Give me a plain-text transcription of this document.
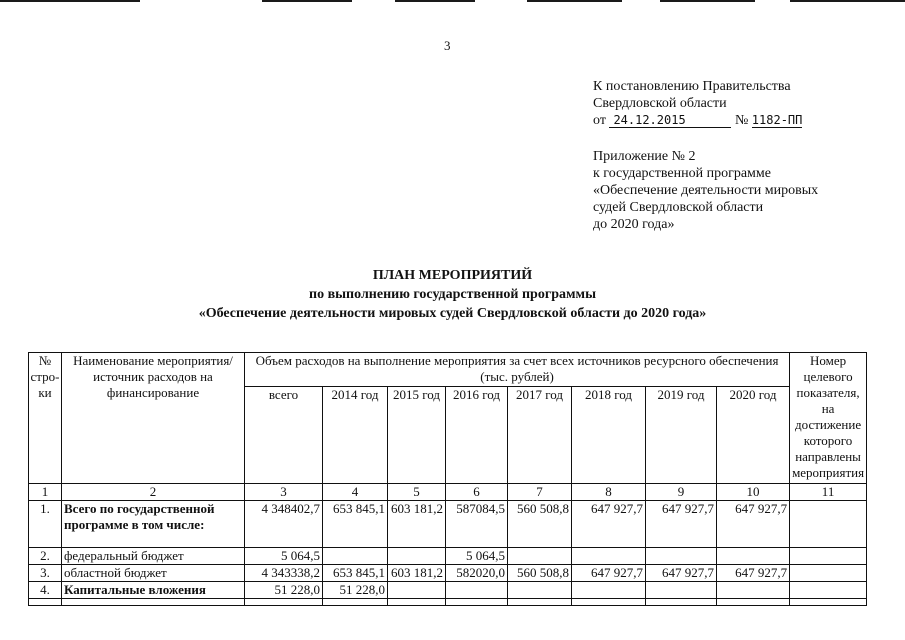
3
К постановлению Правительства
Свердловской области
от 24.12.2015	№ 1182-ПП
Приложение № 2
к государственной программе
«Обеспечение деятельности мировых
судей Свердловской области
до 2020 года»
ПЛАН МЕРОПРИЯТИЙ
по выполнению государственной программы
«Обеспечение деятельности мировых судей Свердловской области до 2020 года»
№ стро-ки	Наименование мероприятия/ источник расходов на финансирование	Объем расходов на выполнение мероприятия за счет всех источников ресурсного обеспечения (тыс. рублей)								Номер целевого показателя, на достижение которого направлены мероприятия
		всего	2014 год	2015 год	2016 год	2017 год	2018 год	2019 год	2020 год	
1	2	3	4	5	6	7	8	9	10	11
1.	Всего по государственной программе в том числе:	4 348402,7	653 845,1	603 181,2	587084,5	560 508,8	647 927,7	647 927,7	647 927,7	
2.	федеральный бюджет	5 064,5			5 064,5					
3.	областной бюджет	4 343338,2	653 845,1	603 181,2	582020,0	560 508,8	647 927,7	647 927,7	647 927,7	
4.	Капитальные вложения	51 228,0	51 228,0							
